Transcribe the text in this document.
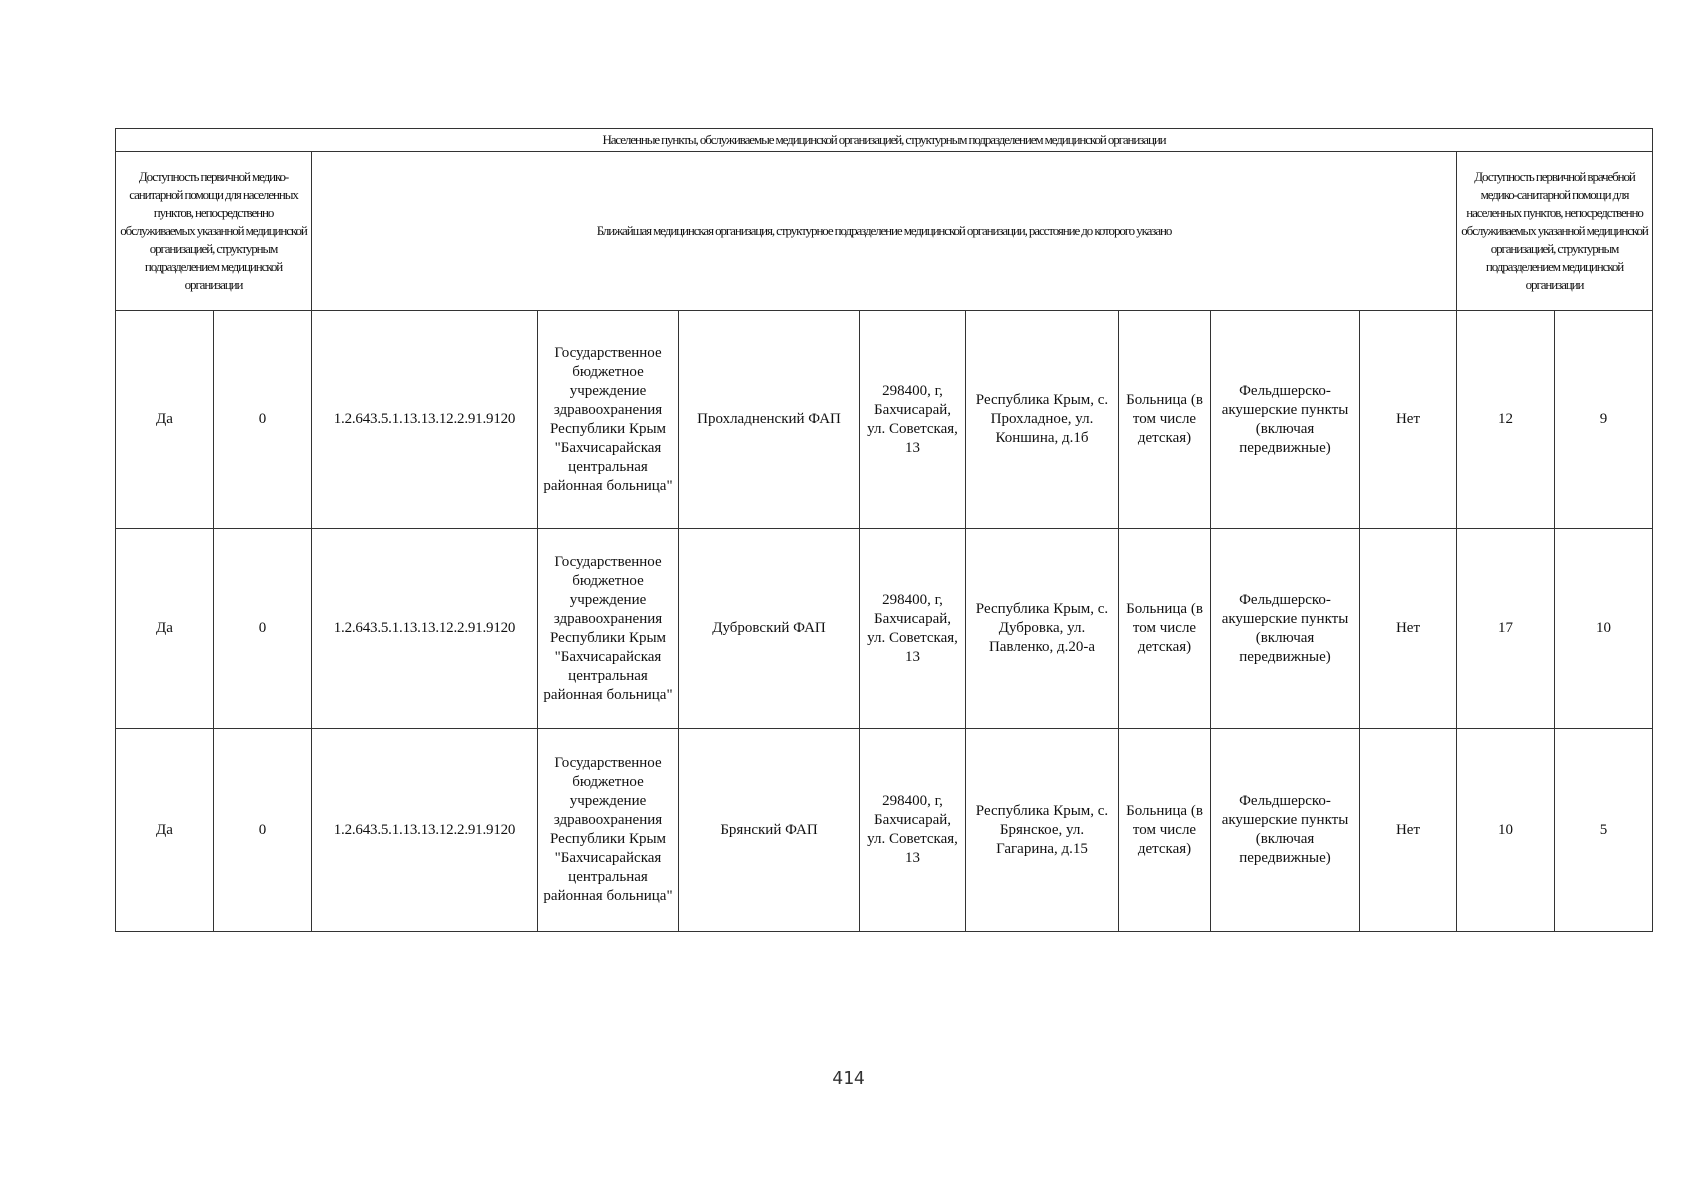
Населенные пункты, обслуживаемые медицинской организацией, структурным подразделением медицинской организации											
Доступность первичной медико-санитарной помощи для населенных пунктов, непосредственно обслуживаемых указанной медицинской организацией, структурным подразделением медицинской организации		Ближайшая медицинская организация, структурное подразделение медицинской организации, расстояние до которого указано								Доступность первичной врачебной медико-санитарной помощи для населенных пунктов, непосредственно обслуживаемых указанной медицинской организацией, структурным подразделением медицинской организации	
Да	0	1.2.643.5.1.13.13.12.2.91.9120	Государственное бюджетное учреждение здравоохранения Республики Крым "Бахчисарайская центральная районная больница"	Прохладненский ФАП	298400, г, Бахчисарай, ул. Советская, 13	Республика Крым, с. Прохладное, ул. Коншина, д.1б	Больница (в том числе детская)	Фельдшерско-акушерские пункты (включая передвижные)	Нет	12	9
Да	0	1.2.643.5.1.13.13.12.2.91.9120	Государственное бюджетное учреждение здравоохранения Республики Крым "Бахчисарайская центральная районная больница"	Дубровский ФАП	298400, г, Бахчисарай, ул. Советская, 13	Республика Крым, с. Дубровка, ул. Павленко, д.20-а	Больница (в том числе детская)	Фельдшерско-акушерские пункты (включая передвижные)	Нет	17	10
Да	0	1.2.643.5.1.13.13.12.2.91.9120	Государственное бюджетное учреждение здравоохранения Республики Крым "Бахчисарайская центральная районная больница"	Брянский ФАП	298400, г, Бахчисарай, ул. Советская, 13	Республика Крым, с. Брянское, ул. Гагарина, д.15	Больница (в том числе детская)	Фельдшерско-акушерские пункты (включая передвижные)	Нет	10	5
414
